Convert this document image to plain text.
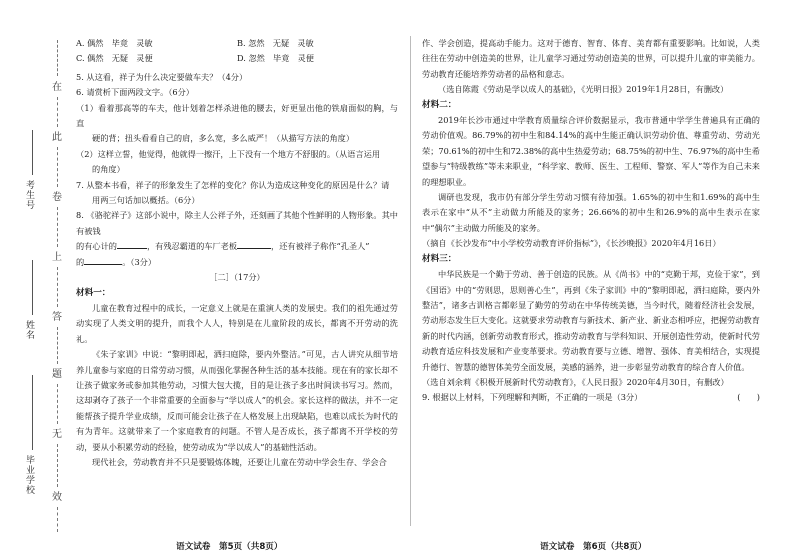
在
此
卷
上
答
题
无
效
考生号
姓名
毕业学校
A. 偶然　毕竟　灵敏	B. 忽然　无疑　灵敏
C. 偶然　无疑　灵便	D. 忽然　毕竟　灵便
5. 从这看，祥子为什么决定要做车夫？（4分）
6. 请赏析下面两段文字。（6分）
（1）看着那高等的车夫，他计划着怎样杀进他的腰去，好更显出他的铁扇面似的胸，与直
硬的背；扭头看看自己的肩，多么宽，多么威严！（从描写方法的角度）
（2）这样立誓，他觉得，他就得一擦汗，上下没有一个地方不舒服的。（从语言运用
的角度）
7. 从整本书看，祥子的形象发生了怎样的变化？你认为造成这种变化的原因是什么？请
用两三句话加以概括。（6分）
8. 《骆驼祥子》这部小说中，除主人公祥子外，还刻画了其他个性鲜明的人物形象。其中有被钱
的有心计的	，有残忍霸道的车厂老板	，还有被祥子称作“孔圣人”
的	。（3分）
［二］（17分）
材料一：
儿童在教育过程中的成长，一定意义上就是在重演人类的发展史。我们的祖先通过劳动实现了人类文明的提升，而我个人人，特别是在儿童阶段的成长，都离不开劳动的洗礼。
《朱子家训》中说：“黎明即起，洒扫庭除，要内外整洁。”可见，古人讲究从细节培养儿童参与家庭的日常劳动习惯，从而强化掌握各种生活的基本技能。现在有的家长却不让孩子做家务或参加其他劳动，习惯大包大揽，目的是让孩子多出时间读书写习。然而，这却剥夺了孩子一个非常重要的全面参与“学以成人”的机会。家长这样的做法，并不一定能帮孩子提升学业成绩，反而可能会让孩子在人格发展上出现缺陷，也难以成长为时代的有为青年。这就带来了一个家庭教育的问题。不管人是否成长，孩子都离不开学校的劳动，要从小积累劳动的经验，使劳动成为“学以成人”的基础性活动。
现代社会，劳动教育并不只是要锻炼体魄，还要让儿童在劳动中学会生存、学会合
语文试卷　第5页（共8页）
作、学会创造，提高动手能力。这对于德育、智育、体育、美育都有重要影响。比如说，人类往往在劳动中创造美的世界，让儿童学习通过劳动创造美的世界，可以提升儿童的审美能力。劳动教育还能培养劳动者的品格和意志。
（选自陈霞《劳动是学以成人的基础》，《光明日报》2019年1月28日，有删改）
材料二：
2019年长沙市通过中学教育质量综合评价数据显示，我市普通中学学生普遍具有正确的劳动价值观。86.79%的初中生和84.14%的高中生能正确认识劳动价值、尊重劳动、劳动光荣；70.61%的初中生和72.38%的高中生热爱劳动；68.75%的初中生、76.97%的高中生希望参与“特级教练”等未来职业，“科学家、教师、医生、工程师、警察、军人”等作为自己未来的理想职业。
调研也发现，我市仍有部分学生劳动习惯有待加强。1.65%的初中生和1.69%的高中生表示在家中“从不”主动做力所能及的家务；26.66%的初中生和26.9%的高中生表示在家中“偶尔”主动做力所能及的家务。
（摘自《长沙发布“中小学校劳动教育评价指标”》，《长沙晚报》2020年4月16日）
材料三：
中华民族是一个勤于劳动、善于创造的民族。从《尚书》中的“克勤于邦，克俭于家”，到《国语》中的“劳则思，思则善心生”，再到《朱子家训》中的“黎明即起，洒扫庭除，要内外整洁”，诸多古训格言都彰显了勤劳的劳动在中华传统美德，当今时代，随着经济社会发展，劳动形态发生巨大变化。这就要求劳动教育与新技术、新产业、新业态相呼应，把握劳动教育新的时代内涵，创新劳动教育形式，推动劳动教育与学科知识、开展创造性劳动，使新时代劳动教育适应科技发展和产业变革要求。劳动教育要与立德、增智、强体、育美相结合，实现提升德行、智慧的德智体美劳全面发展，美感的涵养，进一步彰显劳动教育的综合育人价值。
（选自刘余莉《积极开展新时代劳动教育》，《人民日报》2020年4月30日，有删改）
9. 根据以上材料，下列理解和判断，不正确的一项是（3分）	(　　)
语文试卷　第6页（共8页）
